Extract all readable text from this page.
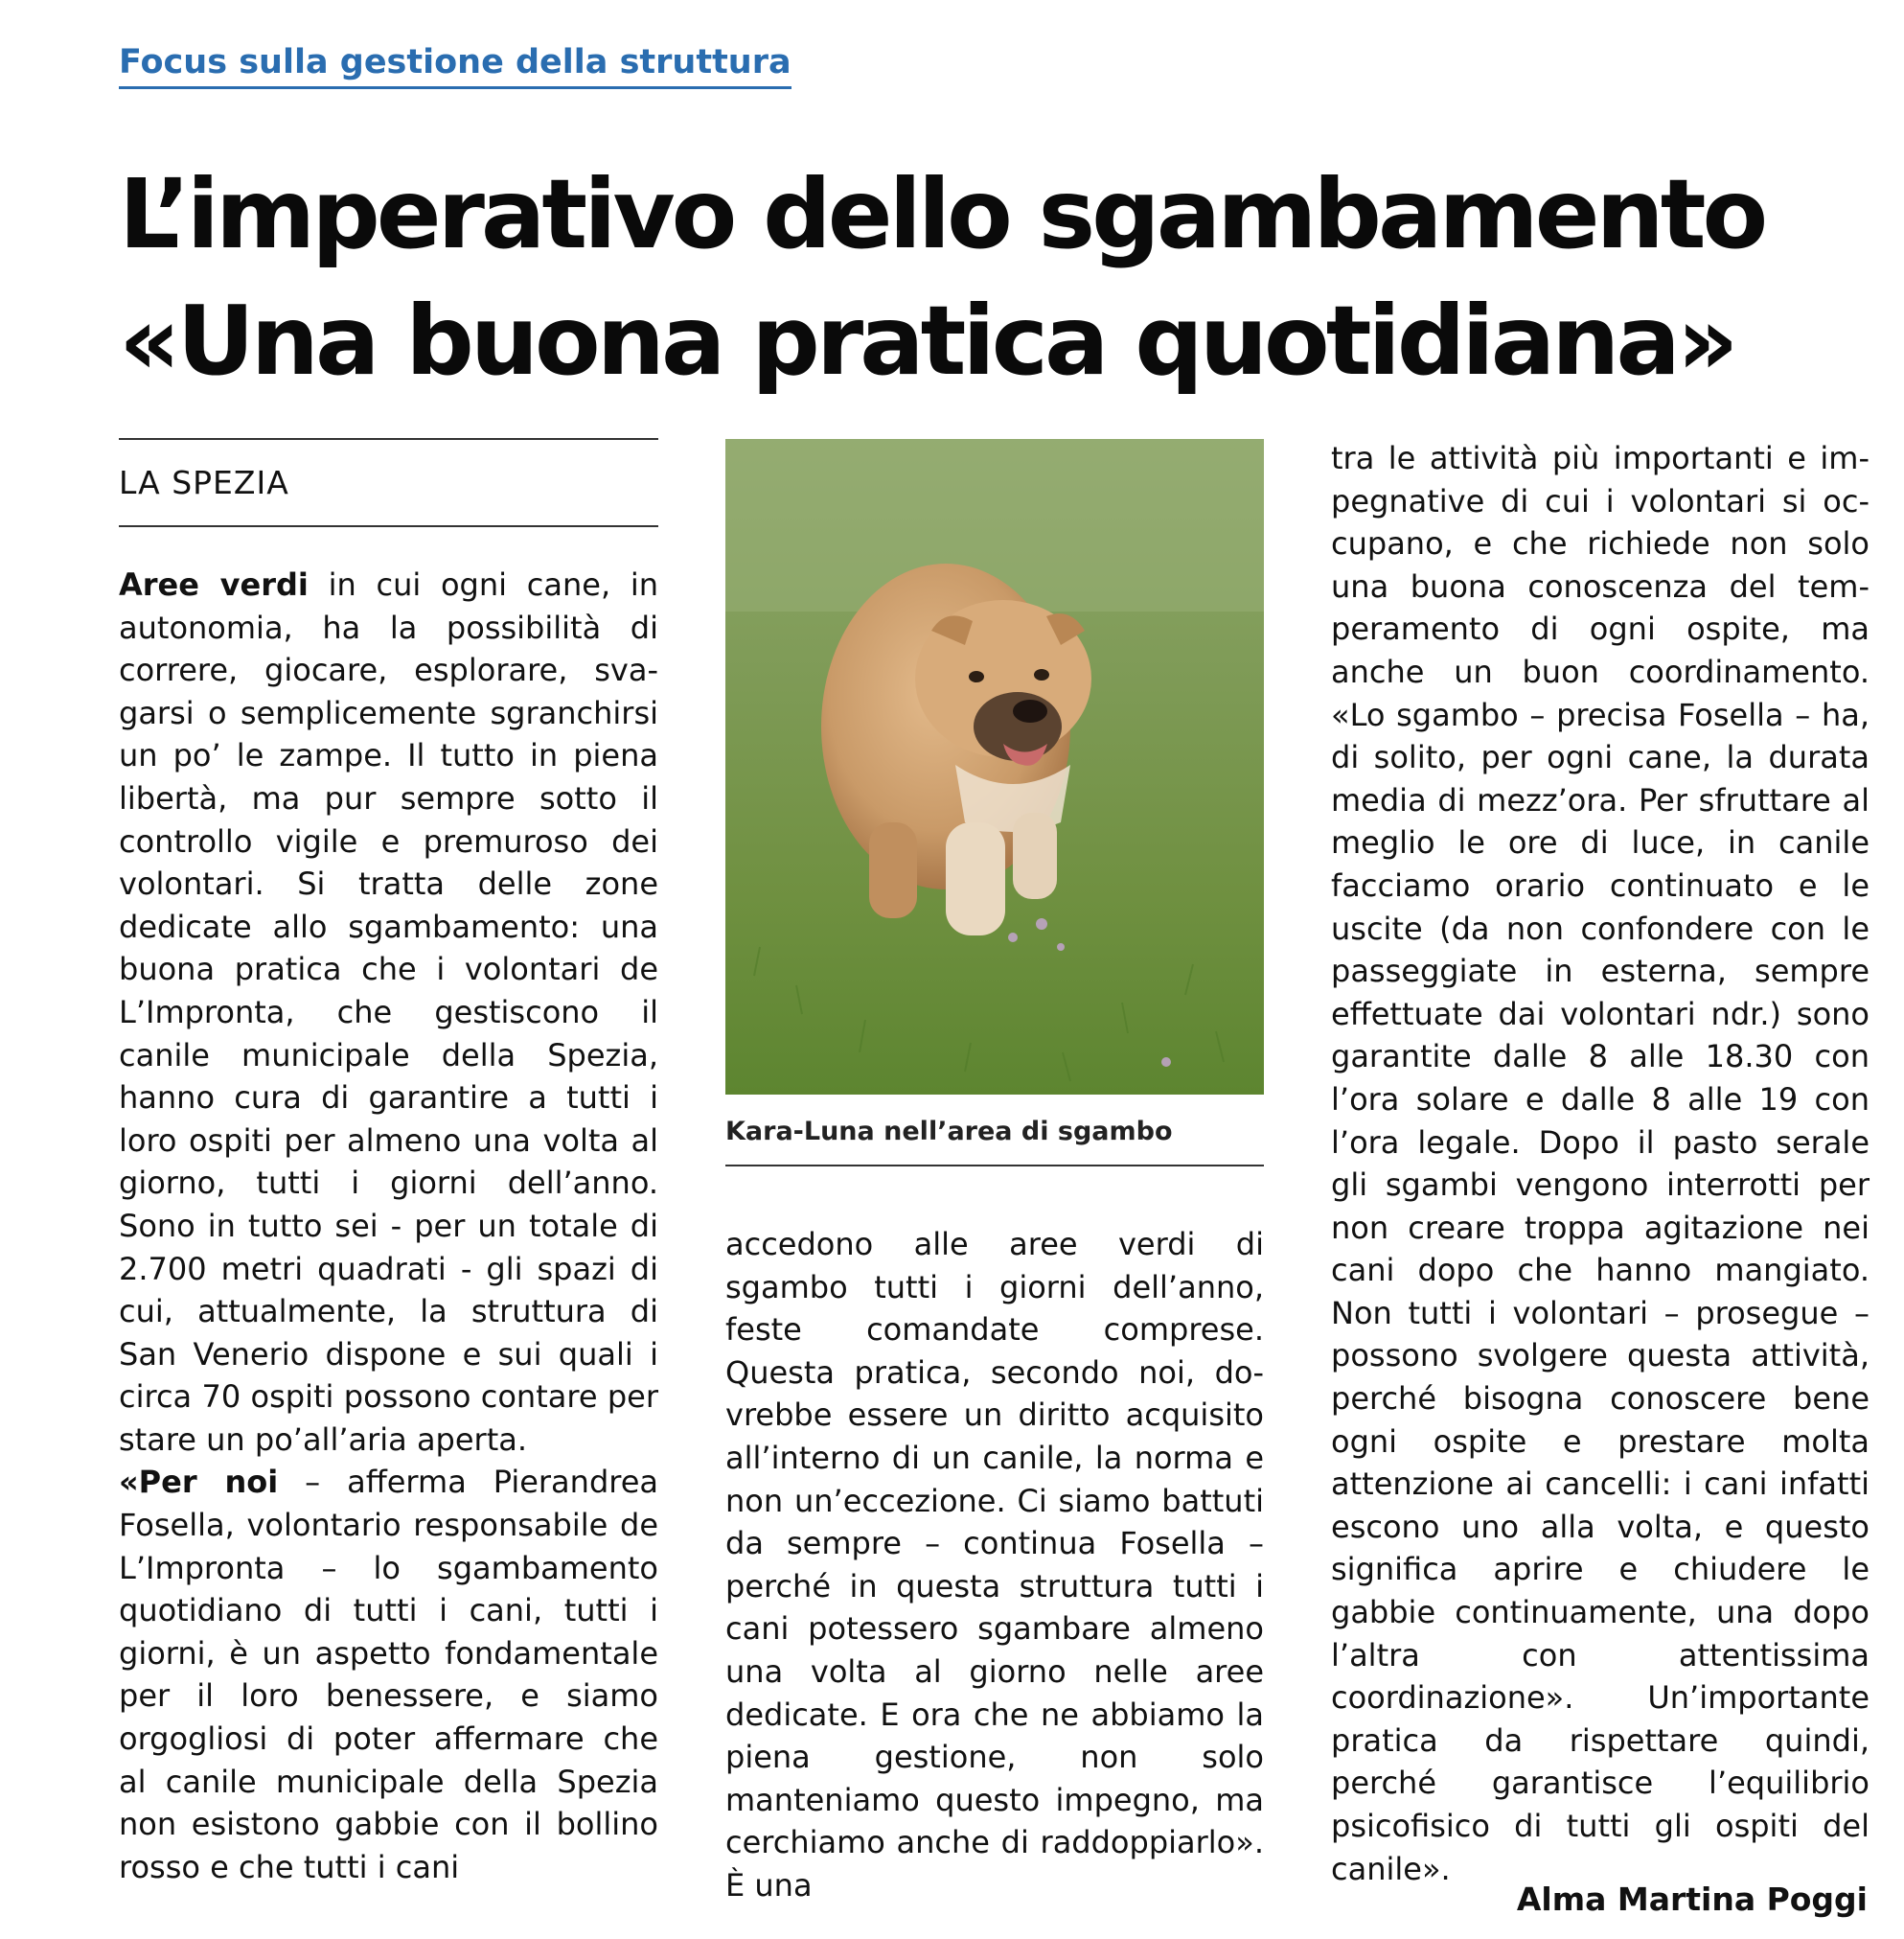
Focus sulla gestione della struttura
L’imperativo dello sgambamento
«Una buona pratica quotidiana»
LA SPEZIA

Aree verdi in cui ogni cane, in autonomia, ha la possibilità di correre, giocare, esplorare, svagarsi o semplicemente sgranchirsi un po’ le zampe. Il tutto in piena libertà, ma pur sempre sotto il controllo vigile e premuroso dei volontari. Si tratta delle zone dedicate allo sgambamento: una buona pratica che i volontari de L’Impronta, che gestiscono il canile municipale della Spezia, hanno cura di garantire a tutti i loro ospiti per almeno una volta al giorno, tutti i giorni dell’anno. Sono in tutto sei - per un totale di 2.700 metri quadrati - gli spazi di cui, attualmente, la struttura di San Venerio dispone e sui quali i circa 70 ospiti possono contare per stare un po’all’aria aperta.

«Per noi – afferma Pierandrea Fosella, volontario responsabile de L’Impronta – lo sgambamento quotidiano di tutti i cani, tutti i giorni, è un aspetto fondamentale per il loro benessere, e siamo orgogliosi di poter affermare che al canile municipale della Spezia non esistono gabbie con il bollino rosso e che tutti i cani

Kara-Luna nell’area di sgambo

accedono alle aree verdi di sgambo tutti i giorni dell’anno, feste comandate comprese. Questa pratica, secondo noi, dovrebbe essere un diritto acquisito all’interno di un canile, la norma e non un’eccezione. Ci siamo battuti da sempre – continua Fosella – perché in questa struttura tutti i cani potessero sgambare almeno una volta al giorno nelle aree dedicate. E ora che ne abbiamo la piena gestione, non solo manteniamo questo impegno, ma cerchiamo anche di raddoppiarlo». È una

tra le attività più importanti e impegnative di cui i volontari si occupano, e che richiede non solo una buona conoscenza del temperamento di ogni ospite, ma anche un buon coordinamento. «Lo sgambo – precisa Fosella – ha, di solito, per ogni cane, la durata media di mezz’ora. Per sfruttare al meglio le ore di luce, in canile facciamo orario continuato e le uscite (da non confondere con le passeggiate in esterna, sempre effettuate dai volontari ndr.) sono garantite dalle 8 alle 18.30 con l’ora solare e dalle 8 alle 19 con l’ora legale. Dopo il pasto serale gli sgambi vengono interrotti per non creare troppa agitazione nei cani dopo che hanno mangiato. Non tutti i volontari – prosegue – possono svolgere questa attività, perché bisogna conoscere bene ogni ospite e prestare molta attenzione ai cancelli: i cani infatti escono uno alla volta, e questo significa aprire e chiudere le gabbie continuamente, una dopo l’altra con attentissima coordinazione». Un’importante pratica da rispettare quindi, perché garantisce l’equilibrio psicofisico di tutti gli ospiti del canile».

Alma Martina Poggi
